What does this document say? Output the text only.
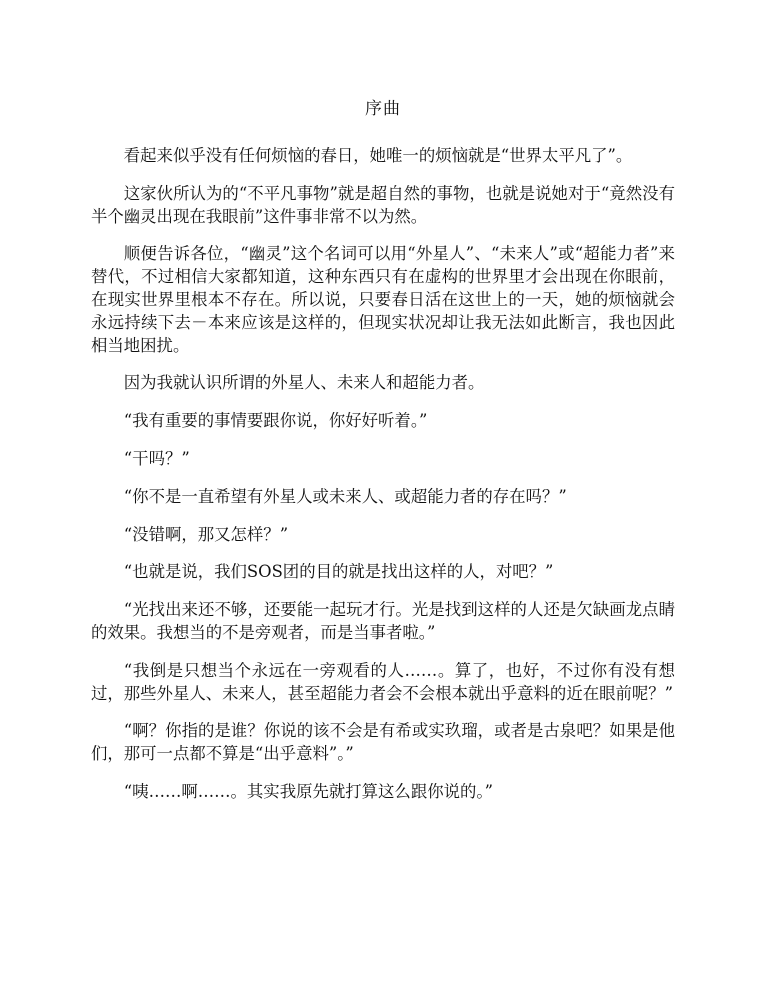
序曲

看起来似乎没有任何烦恼的春日，她唯一的烦恼就是“世界太平凡了”。

这家伙所认为的“不平凡事物”就是超自然的事物，也就是说她对于“竟然没有半个幽灵出现在我眼前”这件事非常不以为然。

顺便告诉各位，“幽灵”这个名词可以用“外星人”、“未来人”或“超能力者”来替代，不过相信大家都知道，这种东西只有在虚构的世界里才会出现在你眼前，在现实世界里根本不存在。所以说，只要春日活在这世上的一天，她的烦恼就会永远持续下去－本来应该是这样的，但现实状况却让我无法如此断言，我也因此相当地困扰。

因为我就认识所谓的外星人、未来人和超能力者。

“我有重要的事情要跟你说，你好好听着。”

“干吗？”

“你不是一直希望有外星人或未来人、或超能力者的存在吗？”

“没错啊，那又怎样？”

“也就是说，我们SOS团的目的就是找出这样的人，对吧？”

“光找出来还不够，还要能一起玩才行。光是找到这样的人还是欠缺画龙点睛的效果。我想当的不是旁观者，而是当事者啦。”

“我倒是只想当个永远在一旁观看的人……。算了，也好，不过你有没有想过，那些外星人、未来人，甚至超能力者会不会根本就出乎意料的近在眼前呢？”

“啊？你指的是谁？你说的该不会是有希或实玖瑠，或者是古泉吧？如果是他们，那可一点都不算是“出乎意料”。”

“咦……啊……。其实我原先就打算这么跟你说的。”
